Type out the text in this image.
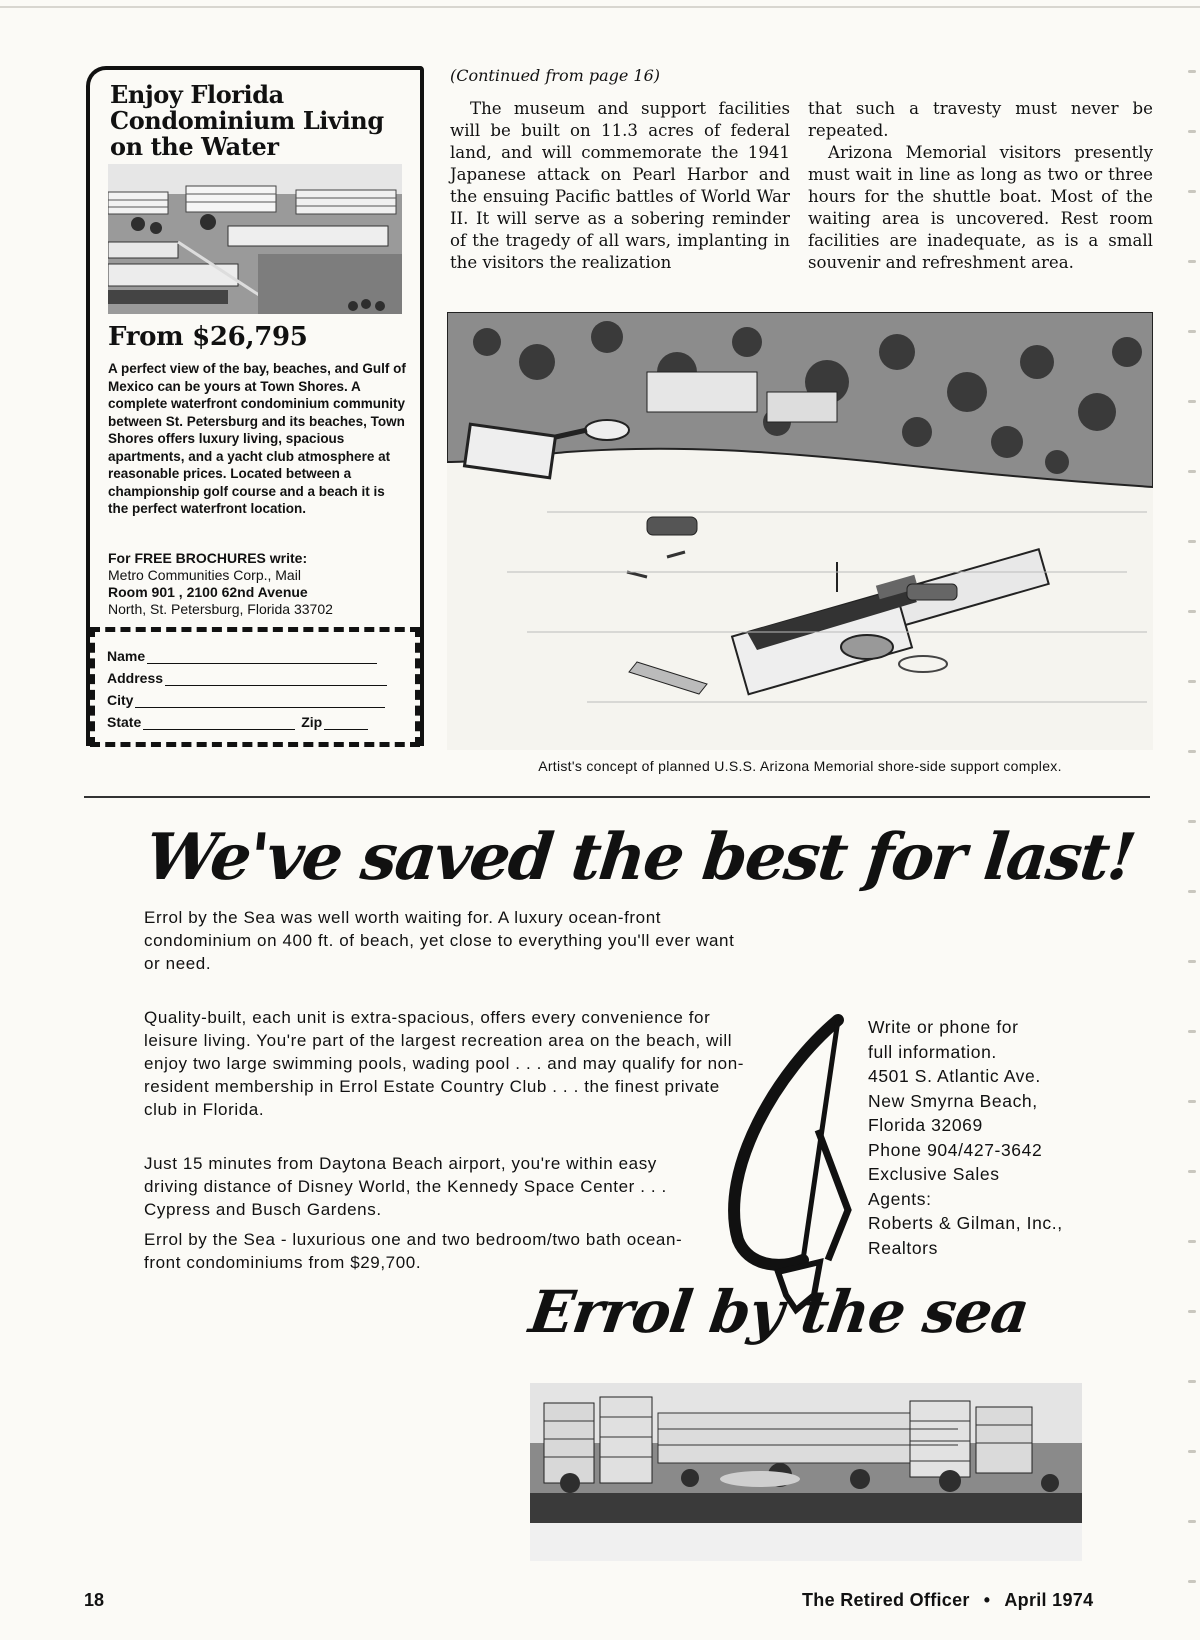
Enjoy Florida
Condominium Living
on the Water
From $26,795
A perfect view of the bay, beaches, and Gulf of Mexico can be yours at Town Shores. A complete waterfront condominium community between St. Petersburg and its beaches, Town Shores offers luxury living, spacious apartments, and a yacht club atmosphere at reasonable prices. Located between a championship golf course and a beach it is the perfect waterfront location.
For FREE BROCHURES write:
Metro Communities Corp., Mail
Room 901 , 2100 62nd Avenue
North, St. Petersburg, Florida 33702
Name
Address
City
State	Zip
(Continued from page 16)

The museum and support facilities will be built on 11.3 acres of federal land, and will commemorate the 1941 Japanese attack on Pearl Harbor and the ensuing Pacific battles of World War II. It will serve as a sobering reminder of the tragedy of all wars, implanting in the visitors the realization

that such a travesty must never be repeated.

Arizona Memorial visitors presently must wait in line as long as two or three hours for the shuttle boat. Most of the waiting area is uncovered. Rest room facilities are inadequate, as is a small souvenir and refreshment area.

Artist's concept of planned U.S.S. Arizona Memorial shore-side support complex.
We've saved the best for last!

Errol by the Sea was well worth waiting for. A luxury ocean-front condominium on 400 ft. of beach, yet close to everything you'll ever want or need.

Quality-built, each unit is extra-spacious, offers every convenience for leisure living. You're part of the largest recreation area on the beach, will enjoy two large swimming pools, wading pool . . . and may qualify for non-resident membership in Errol Estate Country Club . . . the finest private club in Florida.

Just 15 minutes from Daytona Beach airport, you're within easy driving distance of Disney World, the Kennedy Space Center . . . Cypress and Busch Gardens.

Errol by the Sea - luxurious one and two bedroom/two bath ocean-front condominiums from $29,700.

Write or phone for
full information.
4501 S. Atlantic Ave.
New Smyrna Beach,
Florida 32069
Phone 904/427-3642
Exclusive Sales
Agents:
Roberts & Gilman, Inc.,
Realtors
Errol by the sea
18	The Retired Officer • April 1974
